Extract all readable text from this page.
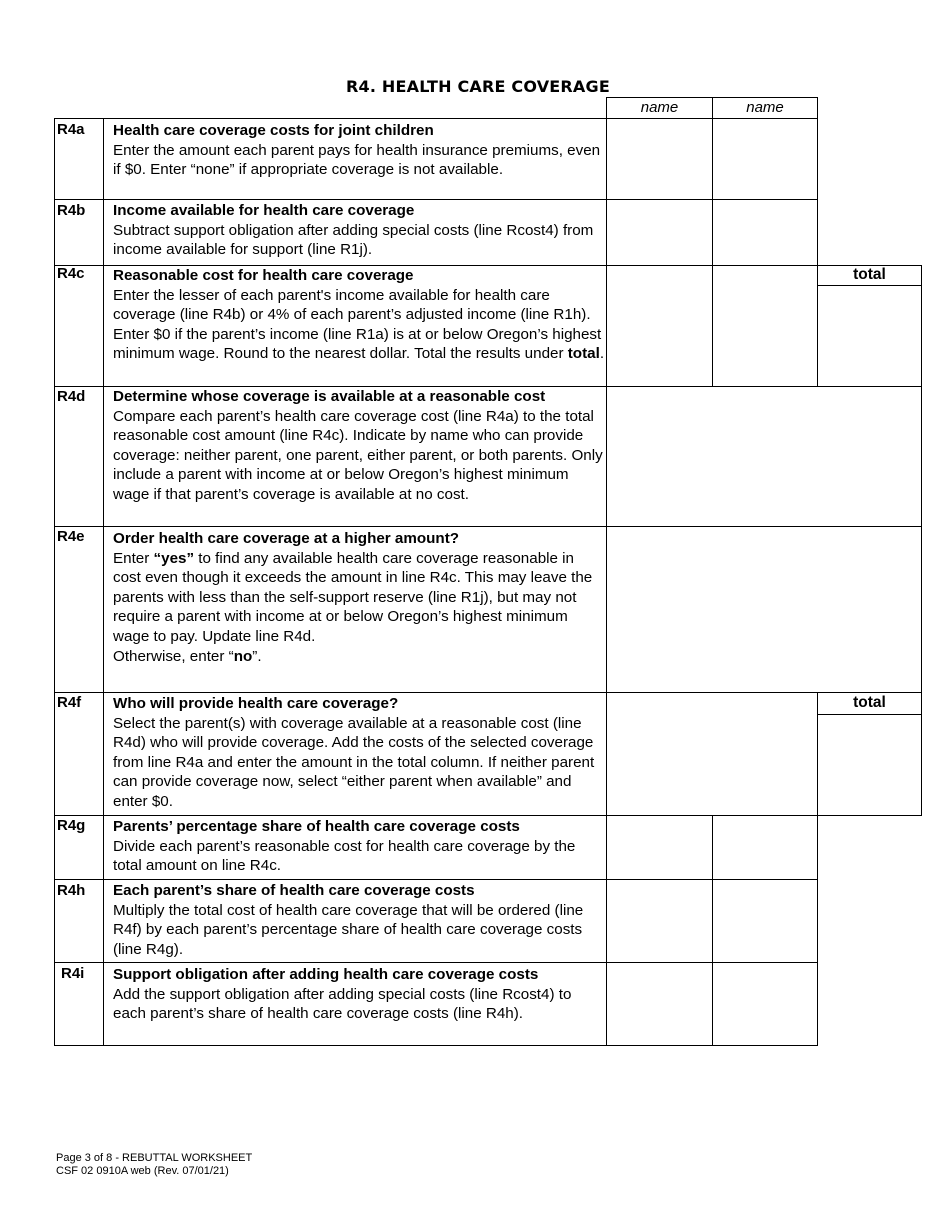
R4. HEALTH CARE COVERAGE
name	name
total
total
R4a Health care coverage costs for joint children
Enter the amount each parent pays for health insurance premiums, even if $0. Enter “none” if appropriate coverage is not available.
R4b Income available for health care coverage
Subtract support obligation after adding special costs (line Rcost4) from income available for support (line R1j).
R4c Reasonable cost for health care coverage
Enter the lesser of each parent's income available for health care coverage (line R4b) or 4% of each parent’s adjusted income (line R1h). Enter $0 if the parent’s income (line R1a) is at or below Oregon’s highest minimum wage. Round to the nearest dollar. Total the results under total.
R4d Determine whose coverage is available at a reasonable cost
Compare each parent’s health care coverage cost (line R4a) to the total reasonable cost amount (line R4c). Indicate by name who can provide coverage: neither parent, one parent, either parent, or both parents. Only include a parent with income at or below Oregon’s highest minimum wage if that parent’s coverage is available at no cost.
R4e Order health care coverage at a higher amount?
Enter “yes” to find any available health care coverage reasonable in cost even though it exceeds the amount in line R4c. This may leave the parents with less than the self-support reserve (line R1j), but may not require a parent with income at or below Oregon’s highest minimum wage to pay. Update line R4d.
Otherwise, enter “no”.
R4f Who will provide health care coverage?
Select the parent(s) with coverage available at a reasonable cost (line R4d) who will provide coverage. Add the costs of the selected coverage from line R4a and enter the amount in the total column. If neither parent can provide coverage now, select “either parent when available” and enter $0.
R4g Parents’ percentage share of health care coverage costs
Divide each parent’s reasonable cost for health care coverage by the total amount on line R4c.
R4h Each parent’s share of health care coverage costs
Multiply the total cost of health care coverage that will be ordered (line R4f) by each parent’s percentage share of health care coverage costs (line R4g).
R4i Support obligation after adding health care coverage costs
Add the support obligation after adding special costs (line Rcost4) to each parent’s share of health care coverage costs (line R4h).
Page 3 of 8 - REBUTTAL WORKSHEET
CSF 02 0910A web (Rev. 07/01/21)
